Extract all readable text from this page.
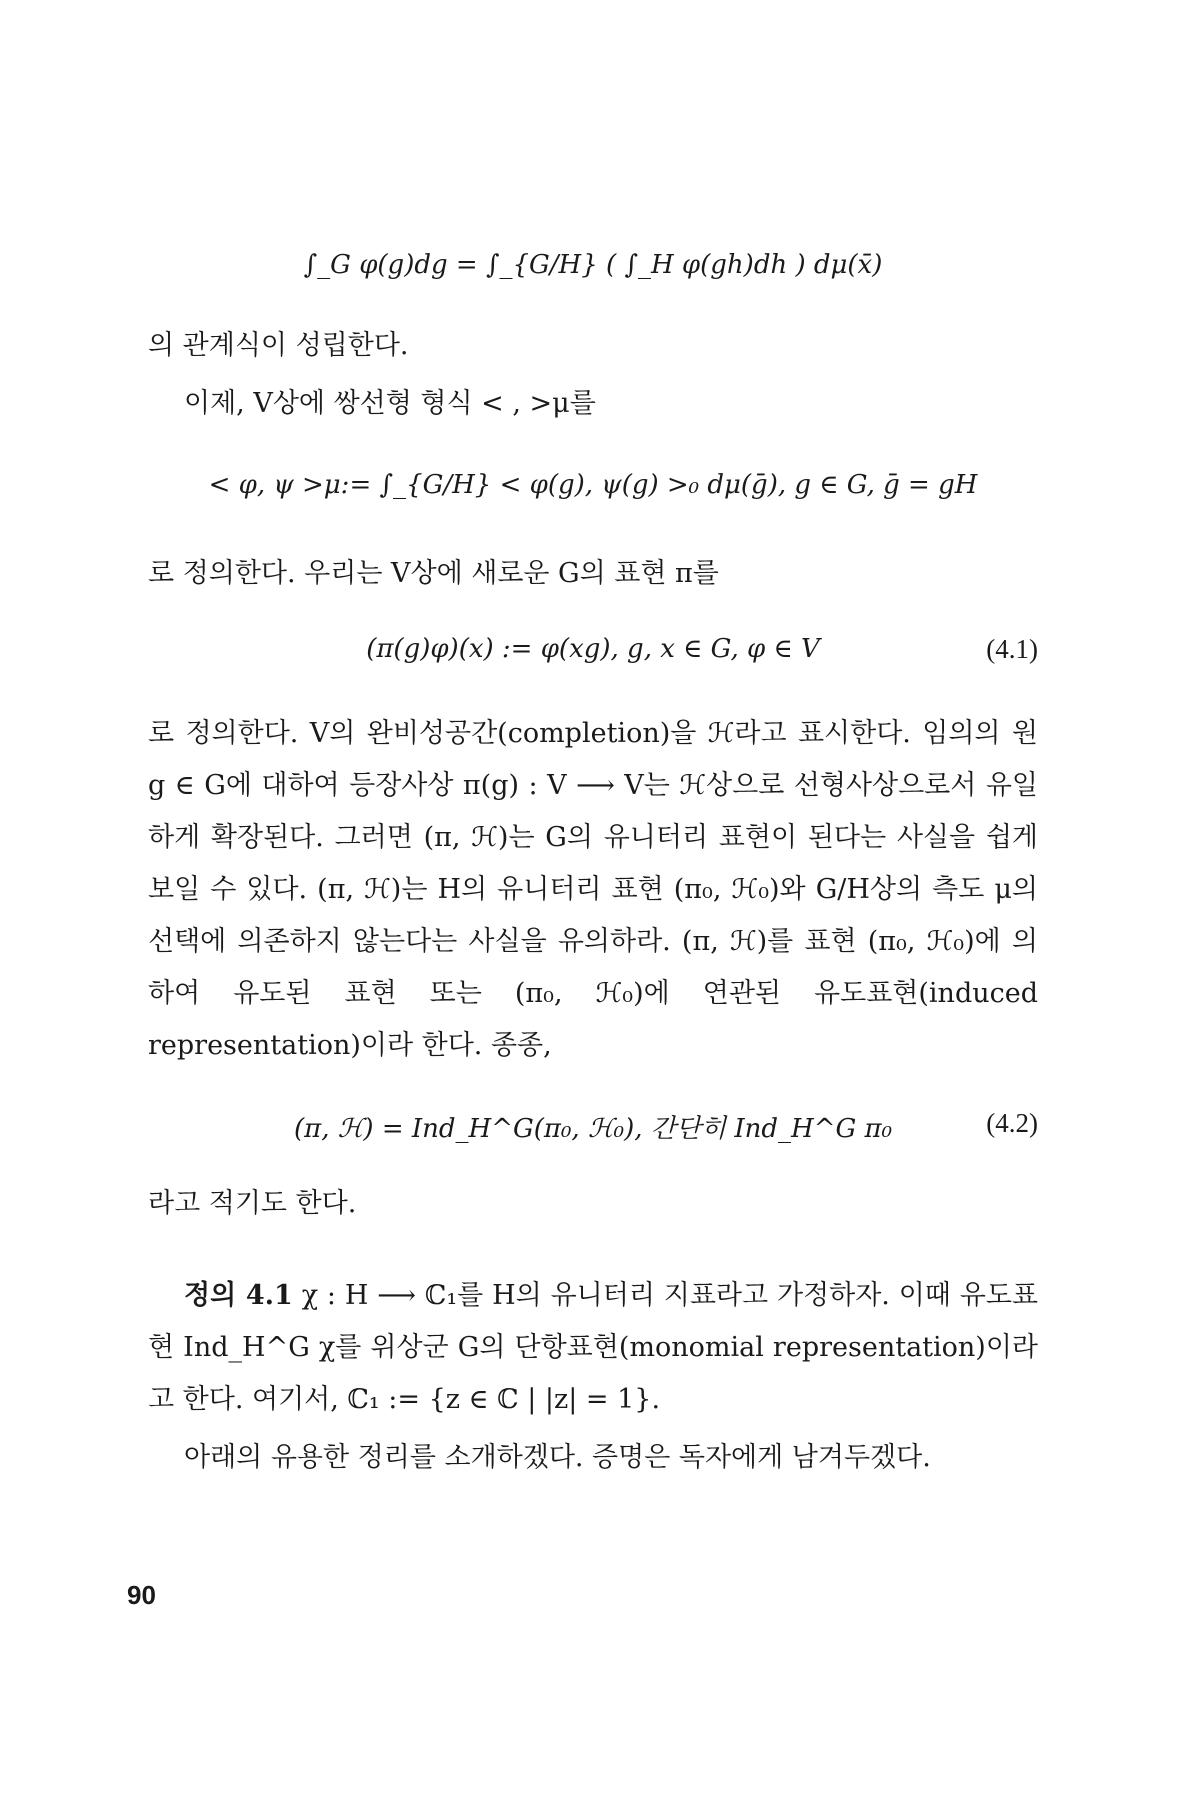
∫_G φ(g)dg = ∫_{G/H} ( ∫_H φ(gh)dh ) dμ(x̄)

의 관계식이 성립한다.

이제, V상에 쌍선형 형식 < , >μ를

< φ, ψ >μ:= ∫_{G/H} < φ(g), ψ(g) >₀ dμ(ḡ), g ∈ G, ḡ = gH

로 정의한다. 우리는 V상에 새로운 G의 표현 π를

(π(g)φ)(x) := φ(xg), g, x ∈ G, φ ∈ V	(4.1)

로 정의한다. V의 완비성공간(completion)을 ℋ라고 표시한다. 임의의 원 g ∈ G에 대하여 등장사상 π(g) : V ⟶ V는 ℋ상으로 선형사상으로서 유일하게 확장된다. 그러면 (π, ℋ)는 G의 유니터리 표현이 된다는 사실을 쉽게 보일 수 있다. (π, ℋ)는 H의 유니터리 표현 (π₀, ℋ₀)와 G/H상의 측도 μ의 선택에 의존하지 않는다는 사실을 유의하라. (π, ℋ)를 표현 (π₀, ℋ₀)에 의하여 유도된 표현 또는 (π₀, ℋ₀)에 연관된 유도표현(induced representation)이라 한다. 종종,

(π, ℋ) = Ind_H^G(π₀, ℋ₀), 간단히 Ind_H^G π₀	(4.2)

라고 적기도 한다.

정의 4.1 χ : H ⟶ ℂ₁를 H의 유니터리 지표라고 가정하자. 이때 유도표현 Ind_H^G χ를 위상군 G의 단항표현(monomial representation)이라고 한다. 여기서, ℂ₁ := {z ∈ ℂ | |z| = 1}.

아래의 유용한 정리를 소개하겠다. 증명은 독자에게 남겨두겠다.

90
